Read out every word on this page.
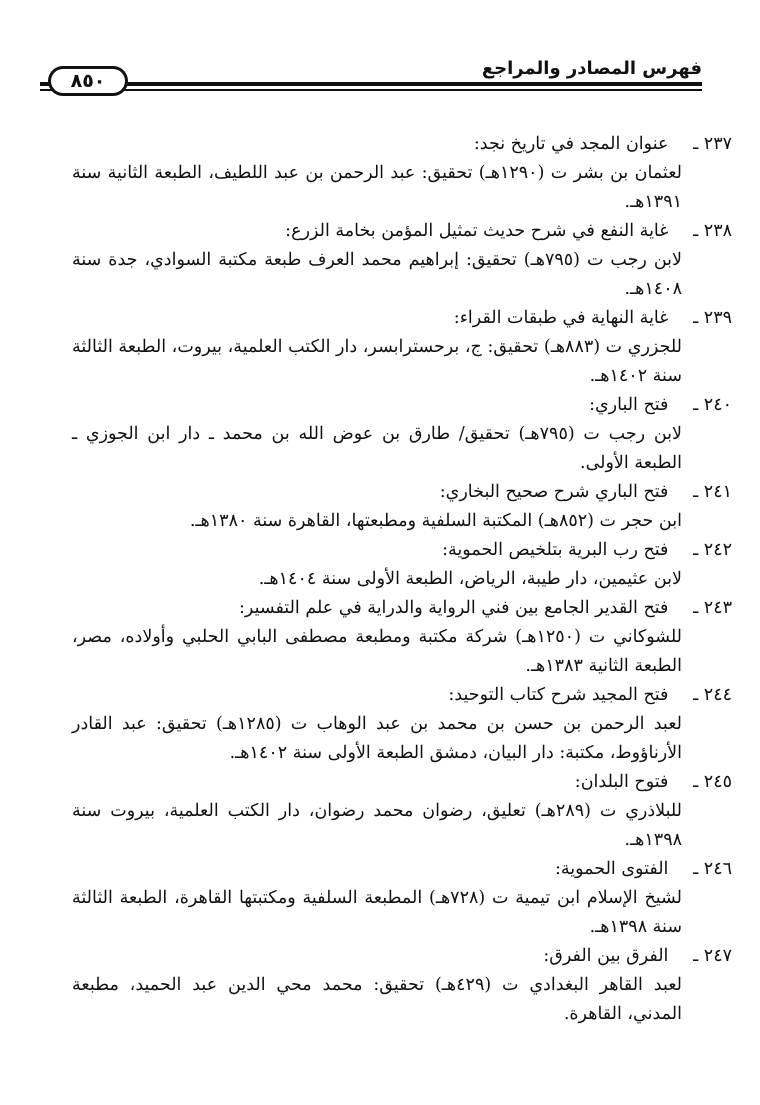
فهرس المصادر والمراجع
٨٥٠
٢٣٧ ـ عنوان المجد في تاريخ نجد:
لعثمان بن بشر ت (١٢٩٠هـ) تحقيق: عبد الرحمن بن عبد اللطيف، الطبعة الثانية سنة ١٣٩١هـ.
٢٣٨ ـ غاية النفع في شرح حديث تمثيل المؤمن بخامة الزرع:
لابن رجب ت (٧٩٥هـ) تحقيق: إبراهيم محمد العرف طبعة مكتبة السوادي، جدة سنة ١٤٠٨هـ.
٢٣٩ ـ غاية النهاية في طبقات القراء:
للجزري ت (٨٨٣هـ) تحقيق: ج، برحسترابسر، دار الكتب العلمية، بيروت، الطبعة الثالثة سنة ١٤٠٢هـ.
٢٤٠ ـ فتح الباري:
لابن رجب ت (٧٩٥هـ) تحقيق/ طارق بن عوض الله بن محمد ـ دار ابن الجوزي ـ الطبعة الأولى.
٢٤١ ـ فتح الباري شرح صحيح البخاري:
ابن حجر ت (٨٥٢هـ) المكتبة السلفية ومطبعتها، القاهرة سنة ١٣٨٠هـ.
٢٤٢ ـ فتح رب البرية بتلخيص الحموية:
لابن عثيمين، دار طيبة، الرياض، الطبعة الأولى سنة ١٤٠٤هـ.
٢٤٣ ـ فتح القدير الجامع بين فني الرواية والدراية في علم التفسير:
للشوكاني ت (١٢٥٠هـ) شركة مكتبة ومطبعة مصطفى البابي الحلبي وأولاده، مصر، الطبعة الثانية ١٣٨٣هـ.
٢٤٤ ـ فتح المجيد شرح كتاب التوحيد:
لعبد الرحمن بن حسن بن محمد بن عبد الوهاب ت (١٢٨٥هـ) تحقيق: عبد القادر الأرناؤوط، مكتبة: دار البيان، دمشق الطبعة الأولى سنة ١٤٠٢هـ.
٢٤٥ ـ فتوح البلدان:
للبلاذري ت (٢٨٩هـ) تعليق، رضوان محمد رضوان، دار الكتب العلمية، بيروت سنة ١٣٩٨هـ.
٢٤٦ ـ الفتوى الحموية:
لشيخ الإسلام ابن تيمية ت (٧٢٨هـ) المطبعة السلفية ومكتبتها القاهرة، الطبعة الثالثة سنة ١٣٩٨هـ.
٢٤٧ ـ الفرق بين الفرق:
لعبد القاهر البغدادي ت (٤٢٩هـ) تحقيق: محمد محي الدين عبد الحميد، مطبعة المدني، القاهرة.
